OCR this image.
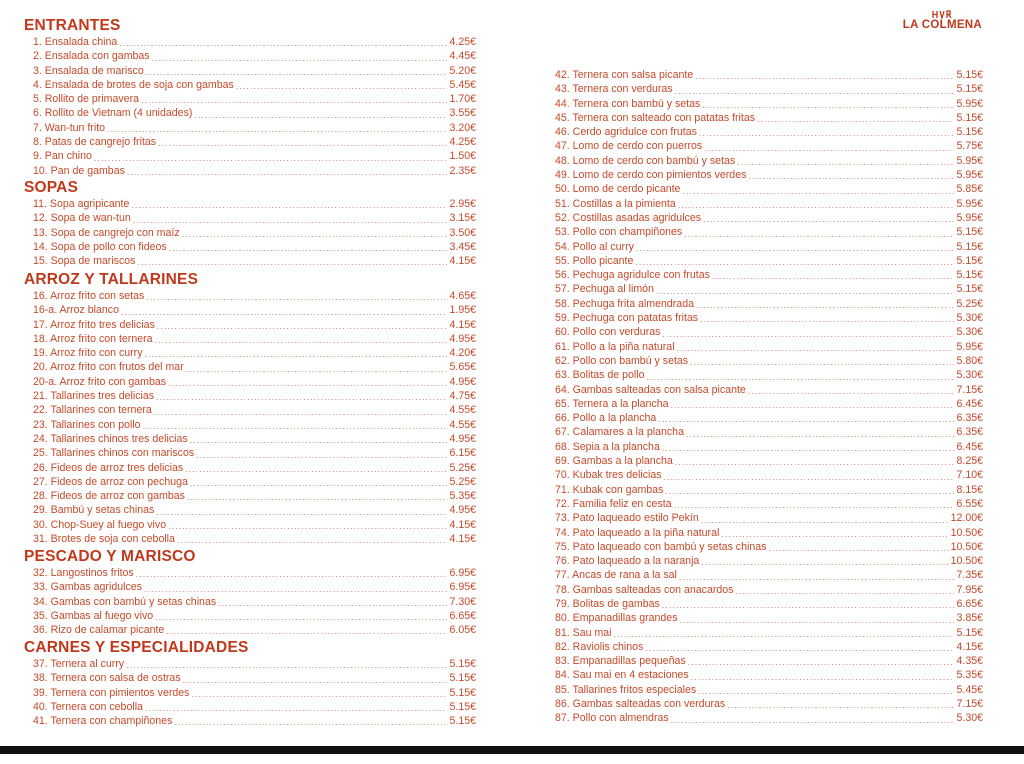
ENTRANTES
1. Ensalada china .....	4.25€
2. Ensalada con gambas .....	4.45€
3. Ensalada de marisco .....	5.20€
4. Ensalada de brotes de soja con gambas .....	5.45€
5. Rollito de primavera .....	1.70€
6. Rollito de Vietnam (4 unidades) .....	3.55€
7. Wan-tun frito .....	3.20€
8. Patas de cangrejo fritas .....	4.25€
9. Pan chino .....	1.50€
10. Pan de gambas .....	2.35€
SOPAS
11. Sopa agripicante .....	2.95€
12. Sopa de wan-tun .....	3.15€
13. Sopa de cangrejo con maíz .....	3.50€
14. Sopa de pollo con fideos .....	3.45€
15. Sopa de mariscos .....	4.15€
ARROZ Y TALLARINES
16. Arroz frito con setas .....	4.65€
16-a. Arroz blanco .....	1.95€
17. Arroz frito tres delicias .....	4.15€
18. Arroz frito con ternera .....	4.95€
19. Arroz frito con curry .....	4.20€
20. Arroz frito con frutos del mar .....	5.65€
20-a. Arroz frito con gambas .....	4.95€
21. Tallarines tres delicias .....	4.75€
22. Tallarines con ternera .....	4.55€
23. Tallarines con pollo .....	4.55€
24. Tallarines chinos tres delicias .....	4.95€
25. Tallarines chinos con mariscos .....	6.15€
26. Fideos de arroz tres delicias .....	5.25€
27. Fideos de arroz con pechuga .....	5.25€
28. Fideos de arroz con gambas .....	5.35€
29. Bambú y setas chinas .....	4.95€
30. Chop-Suey al fuego vivo .....	4.15€
31. Brotes de soja con cebolla .....	4.15€
PESCADO Y MARISCO
32. Langostinos fritos .....	6.95€
33. Gambas agridulces .....	6.95€
34. Gambas con bambú y setas chinas .....	7.30€
35. Gambas al fuego vivo .....	6.65€
36. Rizo de calamar picante .....	6.05€
CARNES Y ESPECIALIDADES
37. Ternera al curry .....	5.15€
38. Ternera con salsa de ostras .....	5.15€
39. Ternera con pimientos verdes .....	5.15€
40. Ternera con cebolla .....	5.15€
41. Ternera con champiñones .....	5.15€
42. Ternera con salsa picante .....	5.15€
43. Ternera con verduras .....	5.15€
44. Ternera con bambú y setas .....	5.95€
45. Ternera con salteado con patatas fritas .....	5.15€
46. Cerdo agridulce con frutas .....	5.15€
47. Lomo de cerdo con puerros .....	5.75€
48. Lomo de cerdo con bambú y setas .....	5.95€
49. Lomo de cerdo con pimientos verdes .....	5.95€
50. Lomo de cerdo picante .....	5.85€
51. Costillas a la pimienta .....	5.95€
52. Costillas asadas agridulces .....	5.95€
53. Pollo con champiñones .....	5.15€
54. Pollo al curry .....	5.15€
55. Pollo picante .....	5.15€
56. Pechuga agridulce con frutas .....	5.15€
57. Pechuga al limón .....	5.15€
58. Pechuga frita almendrada .....	5.25€
59. Pechuga con patatas fritas .....	5.30€
60. Pollo con verduras .....	5.30€
61. Pollo a la piña natural .....	5.95€
62. Pollo con bambú y setas .....	5.80€
63. Bolitas de pollo .....	5.30€
64. Gambas salteadas con salsa picante .....	7.15€
65. Ternera a la plancha .....	6.45€
66. Pollo a la plancha .....	6.35€
67. Calamares a la plancha .....	6.35€
68. Sepia a la plancha .....	6.45€
69. Gambas a la plancha .....	8.25€
70. Kubak tres delicias .....	7.10€
71. Kubak con gambas .....	8.15€
72. Familia feliz en cesta .....	6.55€
73. Pato laqueado estilo Pekín .....	12.00€
74. Pato laqueado a la piña natural .....	10.50€
75. Pato laqueado con bambú y setas chinas .....	10.50€
76. Pato laqueado a la naranja .....	10.50€
77. Ancas de rana a la sal .....	7.35€
78. Gambas salteadas con anacardos .....	7.95€
79. Bolitas de gambas .....	6.65€
80. Empanadillas grandes .....	3.85€
81. Sau mai .....	5.15€
82. Raviolis chinos .....	4.15€
83. Empanadillas pequeñas .....	4.35€
84. Sau mai en 4 estaciones .....	5.35€
85. Tallarines fritos especiales .....	5.45€
86. Gambas salteadas con verduras .....	7.15€
87. Pollo con almendras .....	5.30€
LA COLMENA
